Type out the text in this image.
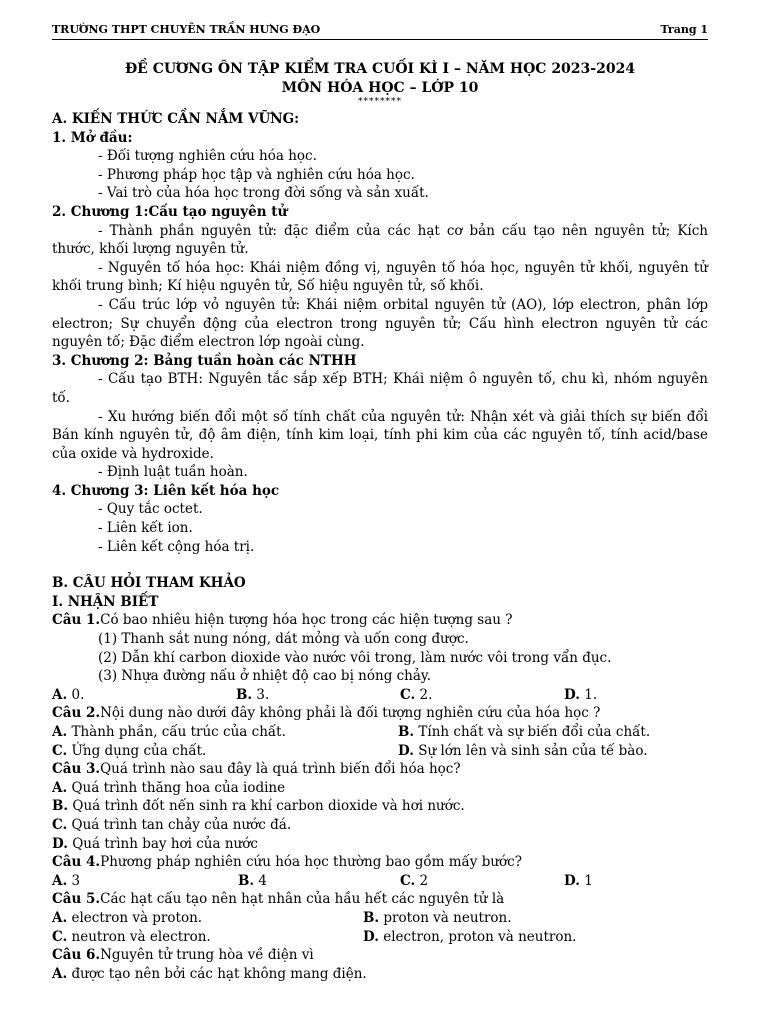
TRƯỜNG THPT CHUYÊN TRẦN HƯNG ĐẠO	Trang 1
ĐỀ CƯƠNG ÔN TẬP KIỂM TRA CUỐI KÌ I – NĂM HỌC 2023-2024
MÔN HÓA HỌC – LỚP 10
********
A. KIẾN THỨC CẦN NẮM VỮNG:
1. Mở đầu:
- Đối tượng nghiên cứu hóa học.
- Phương pháp học tập và nghiên cứu hóa học.
- Vai trò của hóa học trong đời sống và sản xuất.
2. Chương 1:Cấu tạo nguyên tử
- Thành phần nguyên tử: đặc điểm của các hạt cơ bản cấu tạo nên nguyên tử; Kích thước, khối lượng nguyên tử.
- Nguyên tố hóa học: Khái niệm đồng vị, nguyên tố hóa học, nguyên tử khối, nguyên tử khối trung bình; Kí hiệu nguyên tử, Số hiệu nguyên tử, số khối.
- Cấu trúc lớp vỏ nguyên tử: Khái niệm orbital nguyên tử (AO), lớp electron, phân lớp electron; Sự chuyển động của electron trong nguyên tử; Cấu hình electron nguyên tử các nguyên tố; Đặc điểm electron lớp ngoài cùng.
3. Chương 2: Bảng tuần hoàn các NTHH
- Cấu tạo BTH: Nguyên tắc sắp xếp BTH; Khái niệm ô nguyên tố, chu kì, nhóm nguyên tố.
- Xu hướng biến đổi một số tính chất của nguyên tử: Nhận xét và giải thích sự biến đổi Bán kính nguyên tử, độ âm điện, tính kim loại, tính phi kim của các nguyên tố, tính acid/base của oxide và hydroxide.
- Định luật tuần hoàn.
4. Chương 3: Liên kết hóa học
- Quy tắc octet.
- Liên kết ion.
- Liên kết cộng hóa trị.
B. CÂU HỎI THAM KHẢO
I. NHẬN BIẾT
Câu 1.Có bao nhiêu hiện tượng hóa học trong các hiện tượng sau ?
(1) Thanh sắt nung nóng, dát mỏng và uốn cong được.
(2) Dẫn khí carbon dioxide vào nước vôi trong, làm nước vôi trong vẩn đục.
(3) Nhựa đường nấu ở nhiệt độ cao bị nóng chảy.
A. 0.	B. 3.	C. 2.	D. 1.
Câu 2.Nội dung nào dưới đây không phải là đối tượng nghiên cứu của hóa học ?
A. Thành phần, cấu trúc của chất.	B. Tính chất và sự biến đổi của chất.
C. Ứng dụng của chất.	D. Sự lớn lên và sinh sản của tế bào.
Câu 3.Quá trình nào sau đây là quá trình biến đổi hóa học?
A. Quá trình thăng hoa của iodine
B. Quá trình đốt nến sinh ra khí carbon dioxide và hơi nước.
C. Quá trình tan chảy của nước đá.
D. Quá trình bay hơi của nước
Câu 4.Phương pháp nghiên cứu hóa học thường bao gồm mấy bước?
A. 3	B. 4	C. 2	D. 1
Câu 5.Các hạt cấu tạo nên hạt nhân của hầu hết các nguyên tử là
A. electron và proton.	B. proton và neutron.
C. neutron và electron.	D. electron, proton và neutron.
Câu 6.Nguyên tử trung hòa về điện vì
A. được tạo nên bởi các hạt không mang điện.
